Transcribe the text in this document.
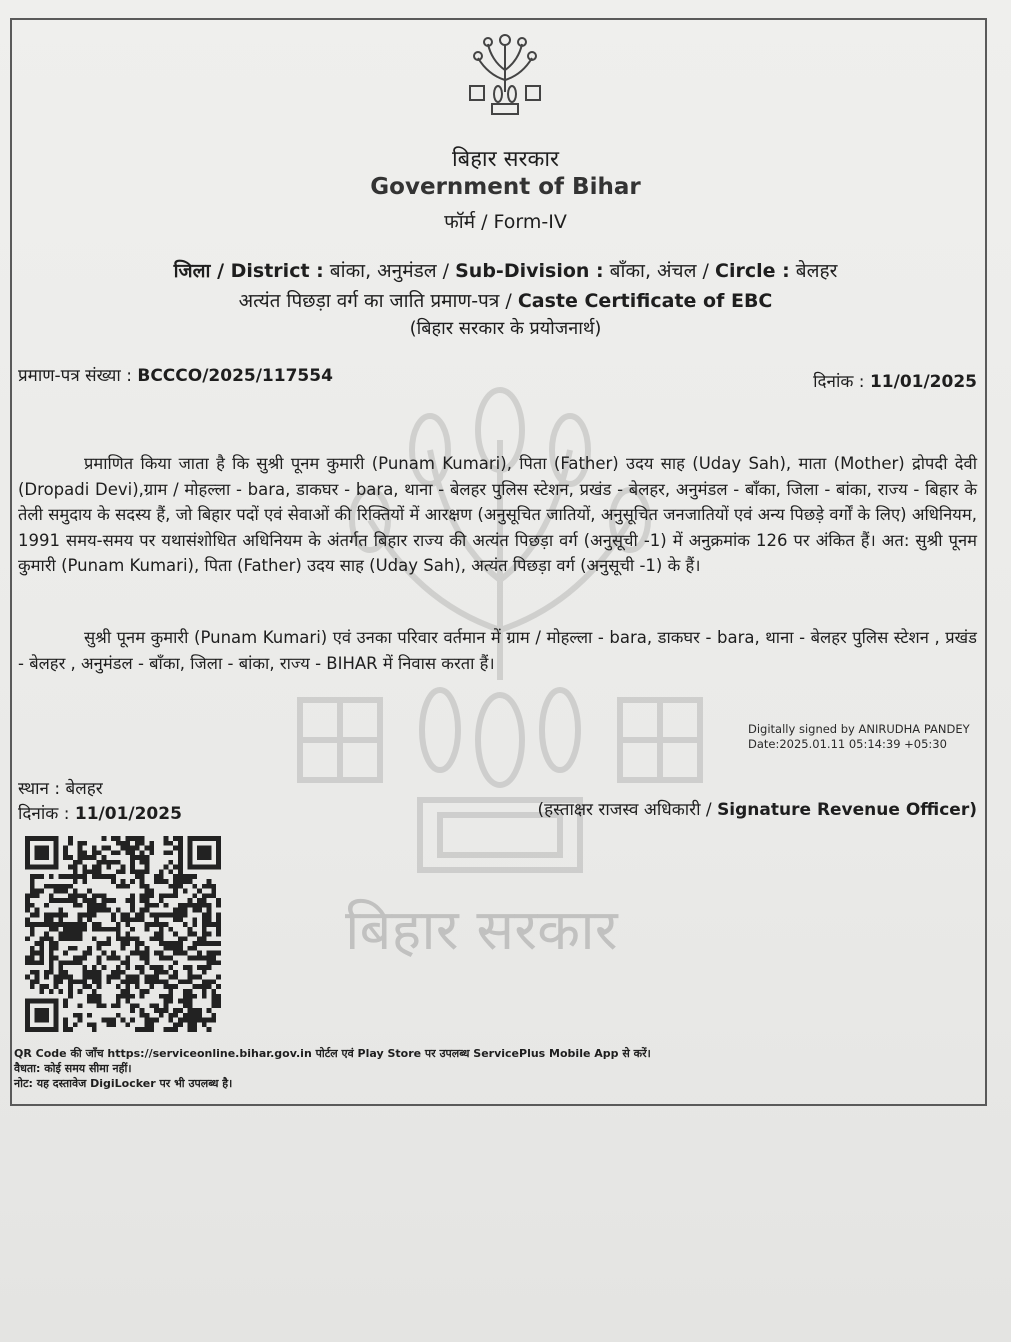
बिहार सरकार
बिहार सरकार
Government of Bihar
फॉर्म / Form-IV
जिला / District : बांका, अनुमंडल / Sub-Division : बाँका, अंचल / Circle : बेलहर
अत्यंत पिछड़ा वर्ग का जाति प्रमाण-पत्र / Caste Certificate of EBC
(बिहार सरकार के प्रयोजनार्थ)
प्रमाण-पत्र संख्या : BCCCO/2025/117554	दिनांक : 11/01/2025
प्रमाणित किया जाता है कि सुश्री पूनम कुमारी (Punam Kumari), पिता (Father) उदय साह (Uday Sah), माता (Mother) द्रोपदी देवी (Dropadi Devi),ग्राम / मोहल्ला - bara, डाकघर - bara, थाना - बेलहर पुलिस स्टेशन, प्रखंड - बेलहर, अनुमंडल - बाँका, जिला - बांका, राज्य - बिहार के तेली समुदाय के सदस्य हैं, जो बिहार पदों एवं सेवाओं की रिक्तियों में आरक्षण (अनुसूचित जातियों, अनुसूचित जनजातियों एवं अन्य पिछड़े वर्गों के लिए) अधिनियम, 1991 समय-समय पर यथासंशोधित अधिनियम के अंतर्गत बिहार राज्य की अत्यंत पिछड़ा वर्ग (अनुसूची -1) में अनुक्रमांक 126 पर अंकित हैं। अत: सुश्री पूनम कुमारी (Punam Kumari), पिता (Father) उदय साह (Uday Sah), अत्यंत पिछड़ा वर्ग (अनुसूची -1) के हैं।
सुश्री पूनम कुमारी (Punam Kumari) एवं उनका परिवार वर्तमान में ग्राम / मोहल्ला - bara, डाकघर - bara, थाना - बेलहर पुलिस स्टेशन , प्रखंड - बेलहर , अनुमंडल - बाँका, जिला - बांका, राज्य - BIHAR में निवास करता हैं।
Digitally signed by ANIRUDHA PANDEY
Date:2025.01.11 05:14:39 +05:30
स्थान : बेलहर
दिनांक : 11/01/2025	(हस्ताक्षर राजस्व अधिकारी / Signature Revenue Officer)
QR Code की जाँच https://serviceonline.bihar.gov.in पोर्टल एवं Play Store पर उपलब्ध ServicePlus Mobile App से करें।
वैधता: कोई समय सीमा नहीं।
नोट: यह दस्तावेज DigiLocker पर भी उपलब्ध है।
